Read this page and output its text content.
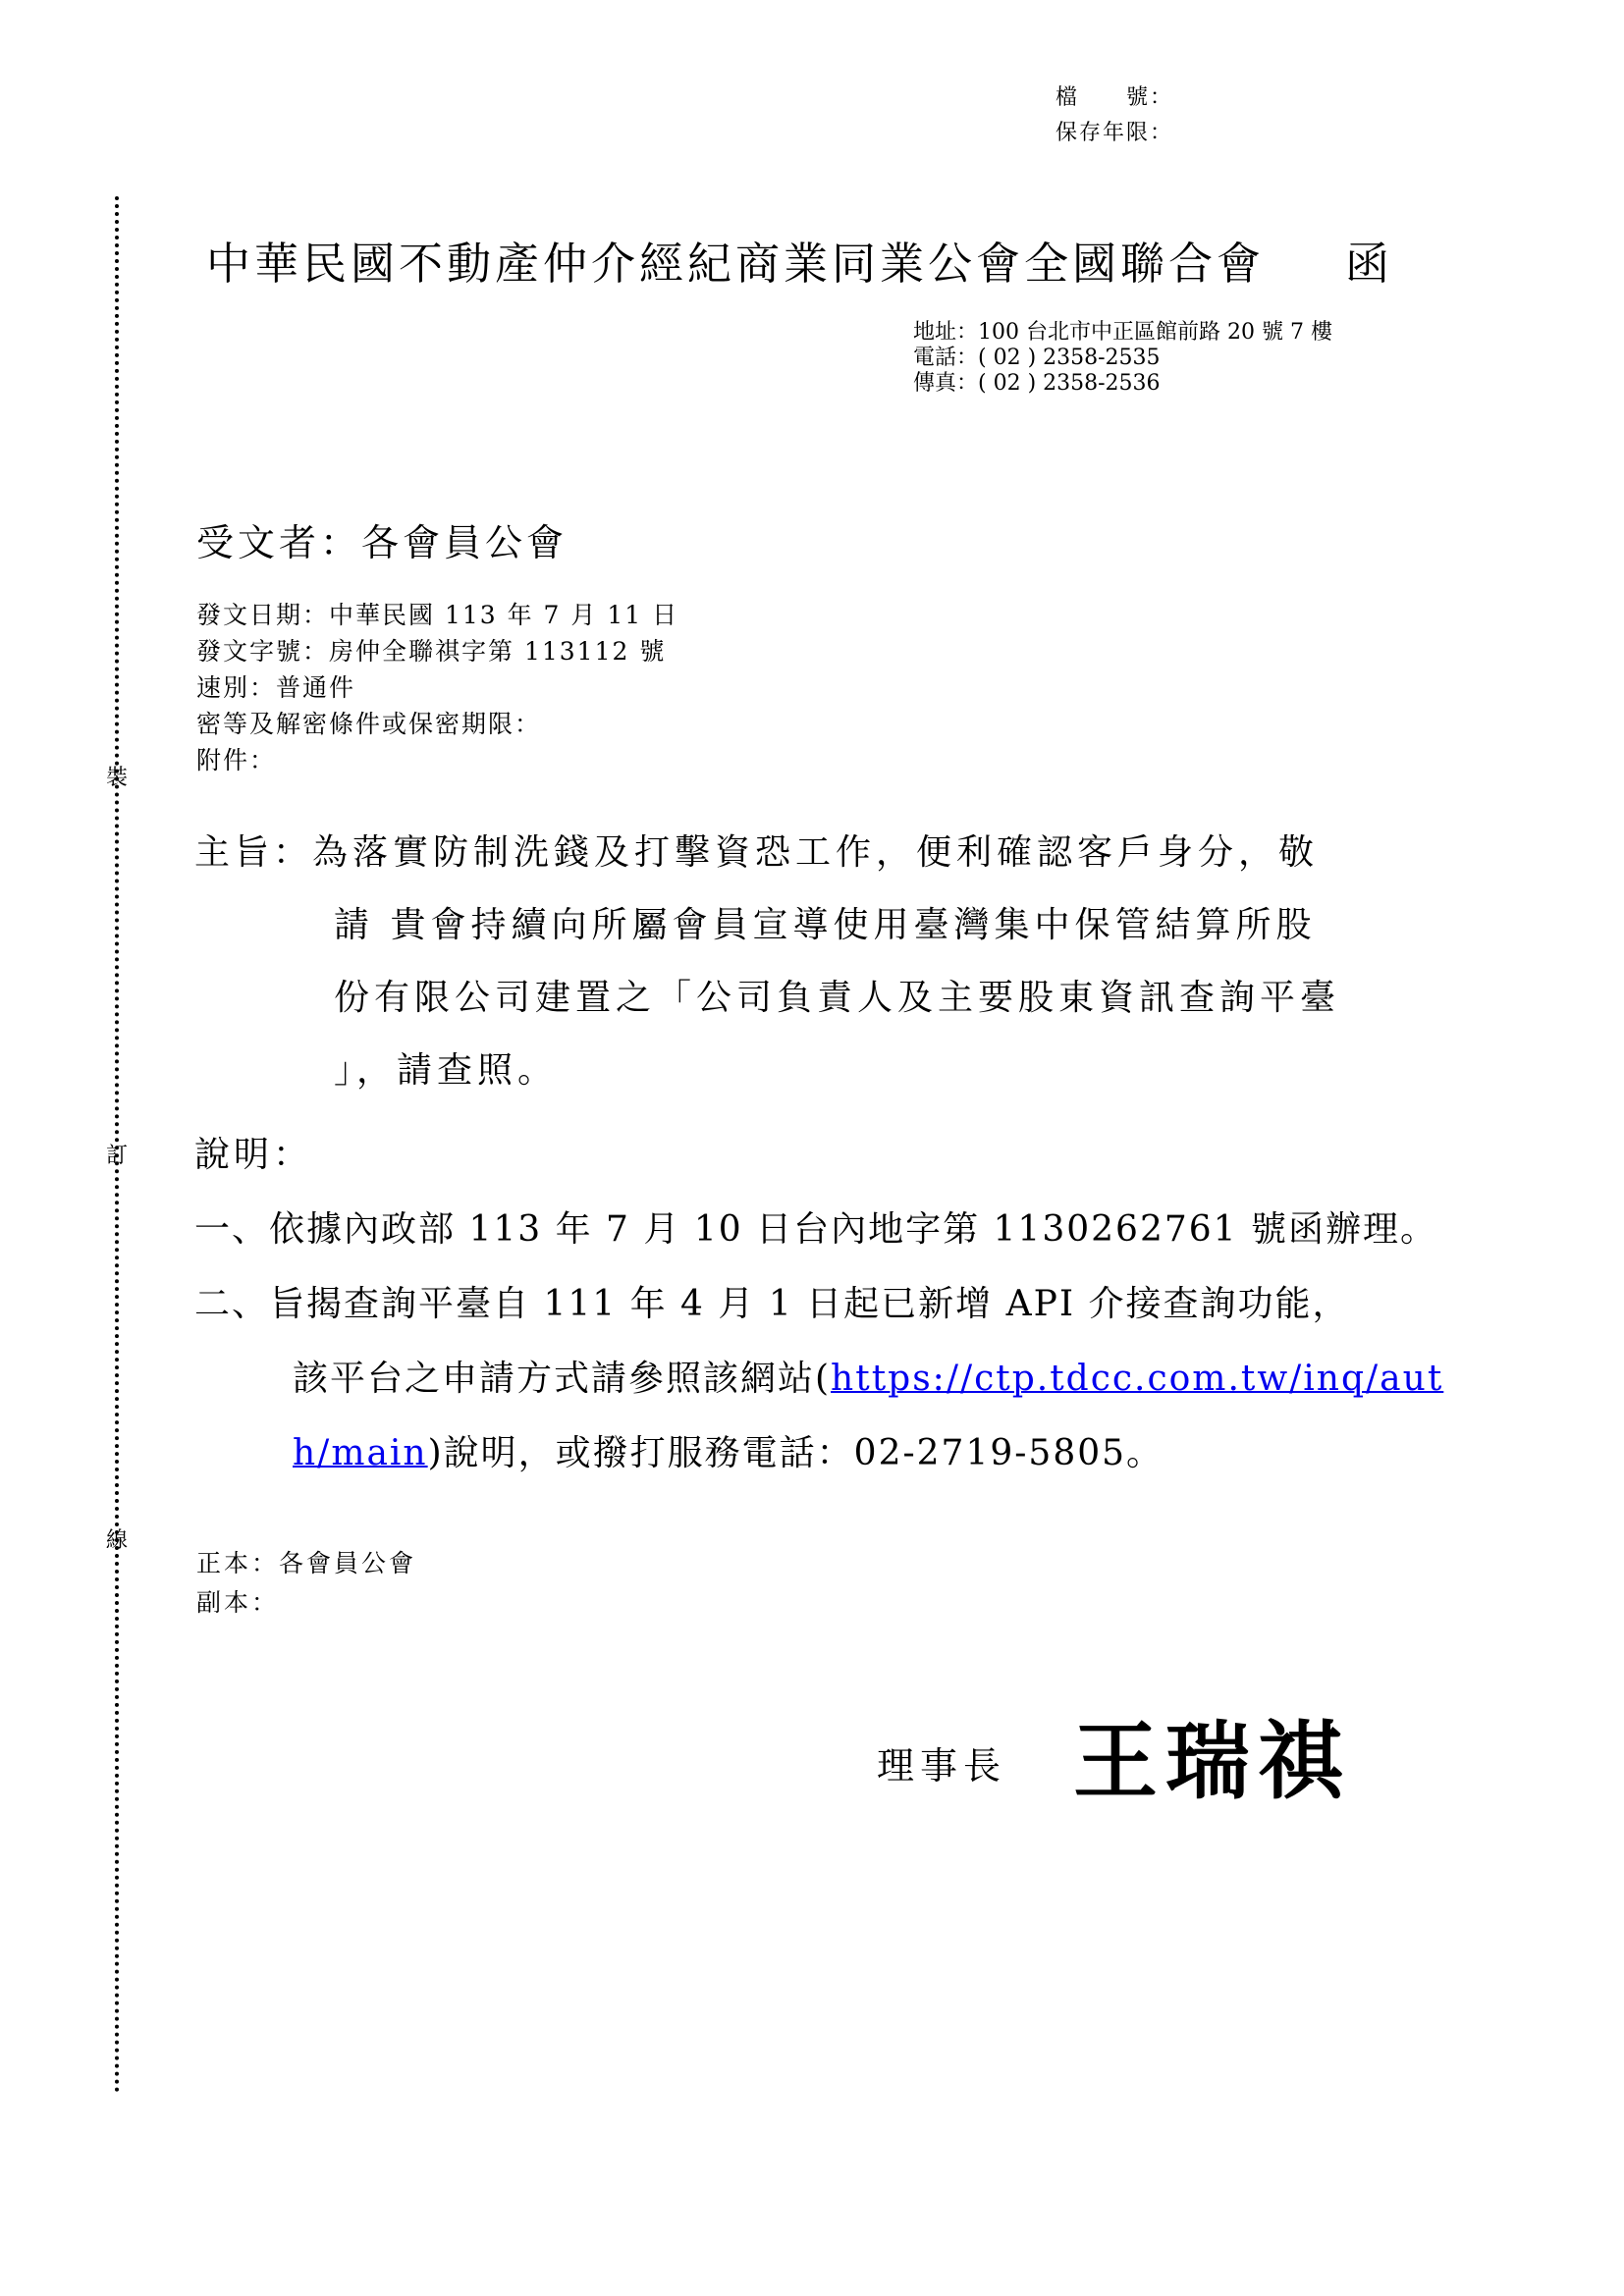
檔　　號：
保存年限：
裝
訂
線
中華民國不動產仲介經紀商業同業公會全國聯合會 函
地址：100 台北市中正區館前路 20 號 7 樓
電話：( 02 ) 2358-2535
傳真：( 02 ) 2358-2536
受文者：各會員公會
發文日期：中華民國 113 年 7 月 11 日
發文字號：房仲全聯祺字第 113112 號
速別：普通件
密等及解密條件或保密期限：
附件：
主旨： 為落實防制洗錢及打擊資恐工作，便利確認客戶身分，敬
請 貴會持續向所屬會員宣導使用臺灣集中保管結算所股
份有限公司建置之「公司負責人及主要股東資訊查詢平臺
」，請查照。
說明：
一、依據內政部 113 年 7 月 10 日台內地字第 1130262761 號函辦理。
二、旨揭查詢平臺自 111 年 4 月 1 日起已新增 API 介接查詢功能，
該平台之申請方式請參照該網站(https://ctp.tdcc.com.tw/inq/aut
h/main)說明，或撥打服務電話：02-2719-5805。
正本：各會員公會
副本：
理事長 王瑞祺
